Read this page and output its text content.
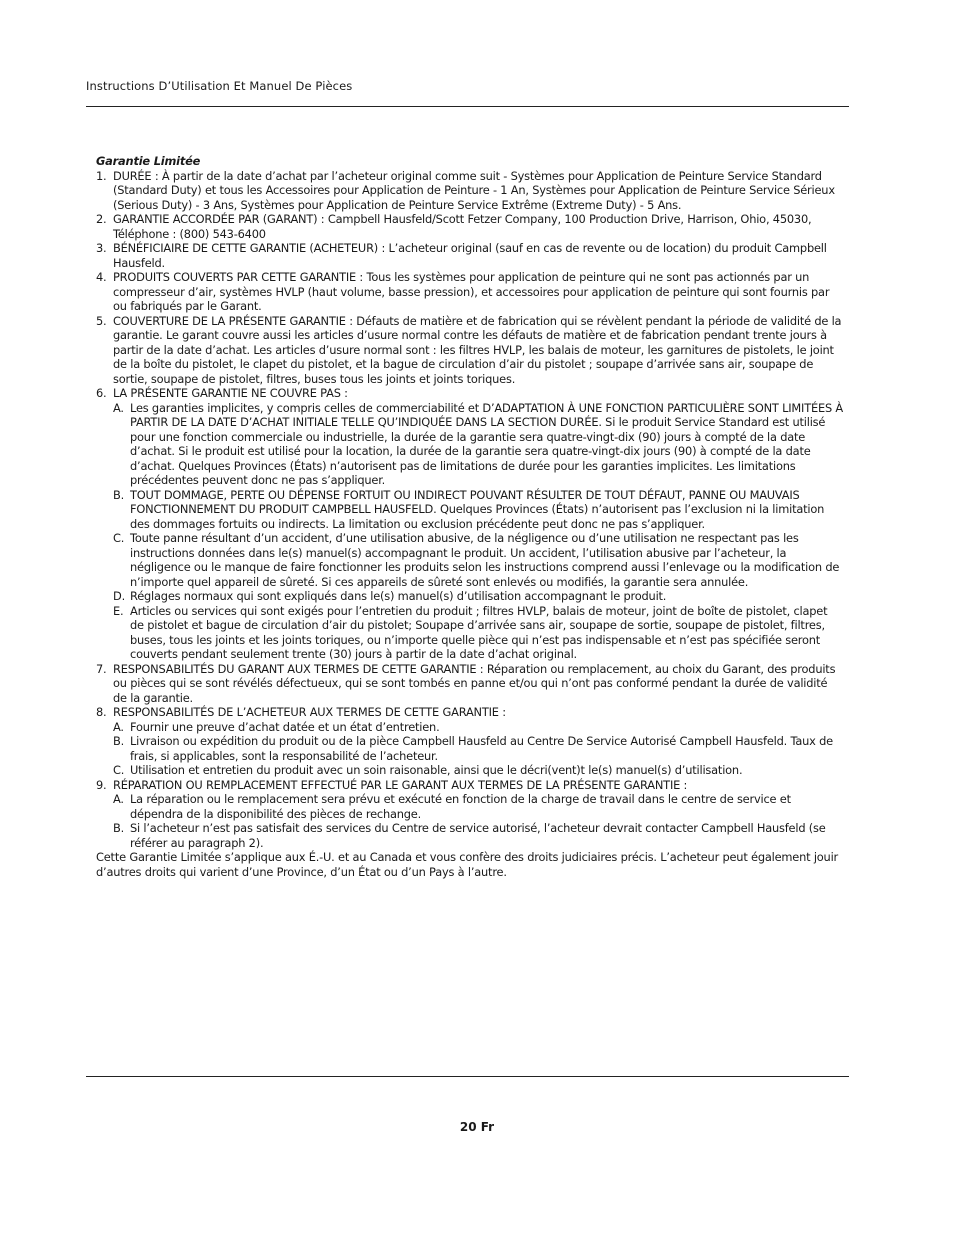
Instructions D’Utilisation Et Manuel De Pièces

Garantie Limitée

1. DURÉE : À partir de la date d’achat par l’acheteur original comme suit - Systèmes pour Application de Peinture Service Standard (Standard Duty) et tous les Accessoires pour Application de Peinture - 1 An, Systèmes pour Application de Peinture Service Sérieux (Serious Duty) - 3 Ans, Systèmes pour Application de Peinture Service Extrême (Extreme Duty) - 5 Ans.
2. GARANTIE ACCORDÉE PAR (GARANT) : Campbell Hausfeld/Scott Fetzer Company, 100 Production Drive, Harrison, Ohio, 45030, Téléphone : (800) 543-6400
3. BÉNÉFICIAIRE DE CETTE GARANTIE (ACHETEUR) : L’acheteur original (sauf en cas de revente ou de location) du produit Campbell Hausfeld.
4. PRODUITS COUVERTS PAR CETTE GARANTIE : Tous les systèmes pour application de peinture qui ne sont pas actionnés par un compresseur d’air, systèmes HVLP (haut volume, basse pression), et accessoires pour application de peinture qui sont fournis par ou fabriqués par le Garant.
5. COUVERTURE DE LA PRÉSENTE GARANTIE : Défauts de matière et de fabrication qui se révèlent pendant la période de validité de la garantie. Le garant couvre aussi les articles d’usure normal contre les défauts de matière et de fabrication pendant trente jours à partir de la date d’achat. Les articles d’usure normal sont : les filtres HVLP, les balais de moteur, les garnitures de pistolets, le joint de la boîte du pistolet, le clapet du pistolet, et la bague de circulation d’air du pistolet ; soupape d’arrivée sans air, soupape de sortie, soupape de pistolet, filtres, buses tous les joints et joints toriques.
6. LA PRÉSENTE GARANTIE NE COUVRE PAS :
A. Les garanties implicites, y compris celles de commerciabilité et D’ADAPTATION À UNE FONCTION PARTICULIÈRE SONT LIMITÉES À PARTIR DE LA DATE D’ACHAT INITIALE TELLE QU’INDIQUÉE DANS LA SECTION DURÉE. Si le produit Service Standard est utilisé pour une fonction commerciale ou industrielle, la durée de la garantie sera quatre-vingt-dix (90) jours à compté de la date d’achat. Si le produit est utilisé pour la location, la durée de la garantie sera quatre-vingt-dix jours (90) à compté de la date d’achat. Quelques Provinces (États) n’autorisent pas de limitations de durée pour les garanties implicites. Les limitations précédentes peuvent donc ne pas s’appliquer.
B. TOUT DOMMAGE, PERTE OU DÉPENSE FORTUIT OU INDIRECT POUVANT RÉSULTER DE TOUT DÉFAUT, PANNE OU MAUVAIS FONCTIONNEMENT DU PRODUIT CAMPBELL HAUSFELD. Quelques Provinces (États) n’autorisent pas l’exclusion ni la limitation des dommages fortuits ou indirects. La limitation ou exclusion précédente peut donc ne pas s’appliquer.
C. Toute panne résultant d’un accident, d’une utilisation abusive, de la négligence ou d’une utilisation ne respectant pas les instructions données dans le(s) manuel(s) accompagnant le produit. Un accident, l’utilisation abusive par l’acheteur, la négligence ou le manque de faire fonctionner les produits selon les instructions comprend aussi l’enlevage ou la modification de n’importe quel appareil de sûreté. Si ces appareils de sûreté sont enlevés ou modifiés, la garantie sera annulée.
D. Réglages normaux qui sont expliqués dans le(s) manuel(s) d’utilisation accompagnant le produit.
E. Articles ou services qui sont exigés pour l’entretien du produit ; filtres HVLP, balais de moteur, joint de boîte de pistolet, clapet de pistolet et bague de circulation d’air du pistolet; Soupape d’arrivée sans air, soupape de sortie, soupape de pistolet, filtres, buses, tous les joints et les joints toriques, ou n’importe quelle pièce qui n’est pas indispensable et n’est pas spécifiée seront couverts pendant seulement trente (30) jours à partir de la date d’achat original.
7. RESPONSABILITÉS DU GARANT AUX TERMES DE CETTE GARANTIE : Réparation ou remplacement, au choix du Garant, des produits ou pièces qui se sont révélés défectueux, qui se sont tombés en panne et/ou qui n’ont pas conformé pendant la durée de validité de la garantie.
8. RESPONSABILITÉS DE L’ACHETEUR AUX TERMES DE CETTE GARANTIE :
A. Fournir une preuve d’achat datée et un état d’entretien.
B. Livraison ou expédition du produit ou de la pièce Campbell Hausfeld au Centre De Service Autorisé Campbell Hausfeld. Taux de frais, si applicables, sont la responsabilité de l’acheteur.
C. Utilisation et entretien du produit avec un soin raisonable, ainsi que le décri(vent)t le(s) manuel(s) d’utilisation.
9. RÉPARATION OU REMPLACEMENT EFFECTUÉ PAR LE GARANT AUX TERMES DE LA PRÉSENTE GARANTIE :
A. La réparation ou le remplacement sera prévu et exécuté en fonction de la charge de travail dans le centre de service et dépendra de la disponibilité des pièces de rechange.
B. Si l’acheteur n’est pas satisfait des services du Centre de service autorisé, l’acheteur devrait contacter Campbell Hausfeld (se référer au paragraph 2).

Cette Garantie Limitée s’applique aux É.-U. et au Canada et vous confère des droits judiciaires précis. L’acheteur peut également jouir d’autres droits qui varient d’une Province, d’un État ou d’un Pays à l’autre.

20 Fr
